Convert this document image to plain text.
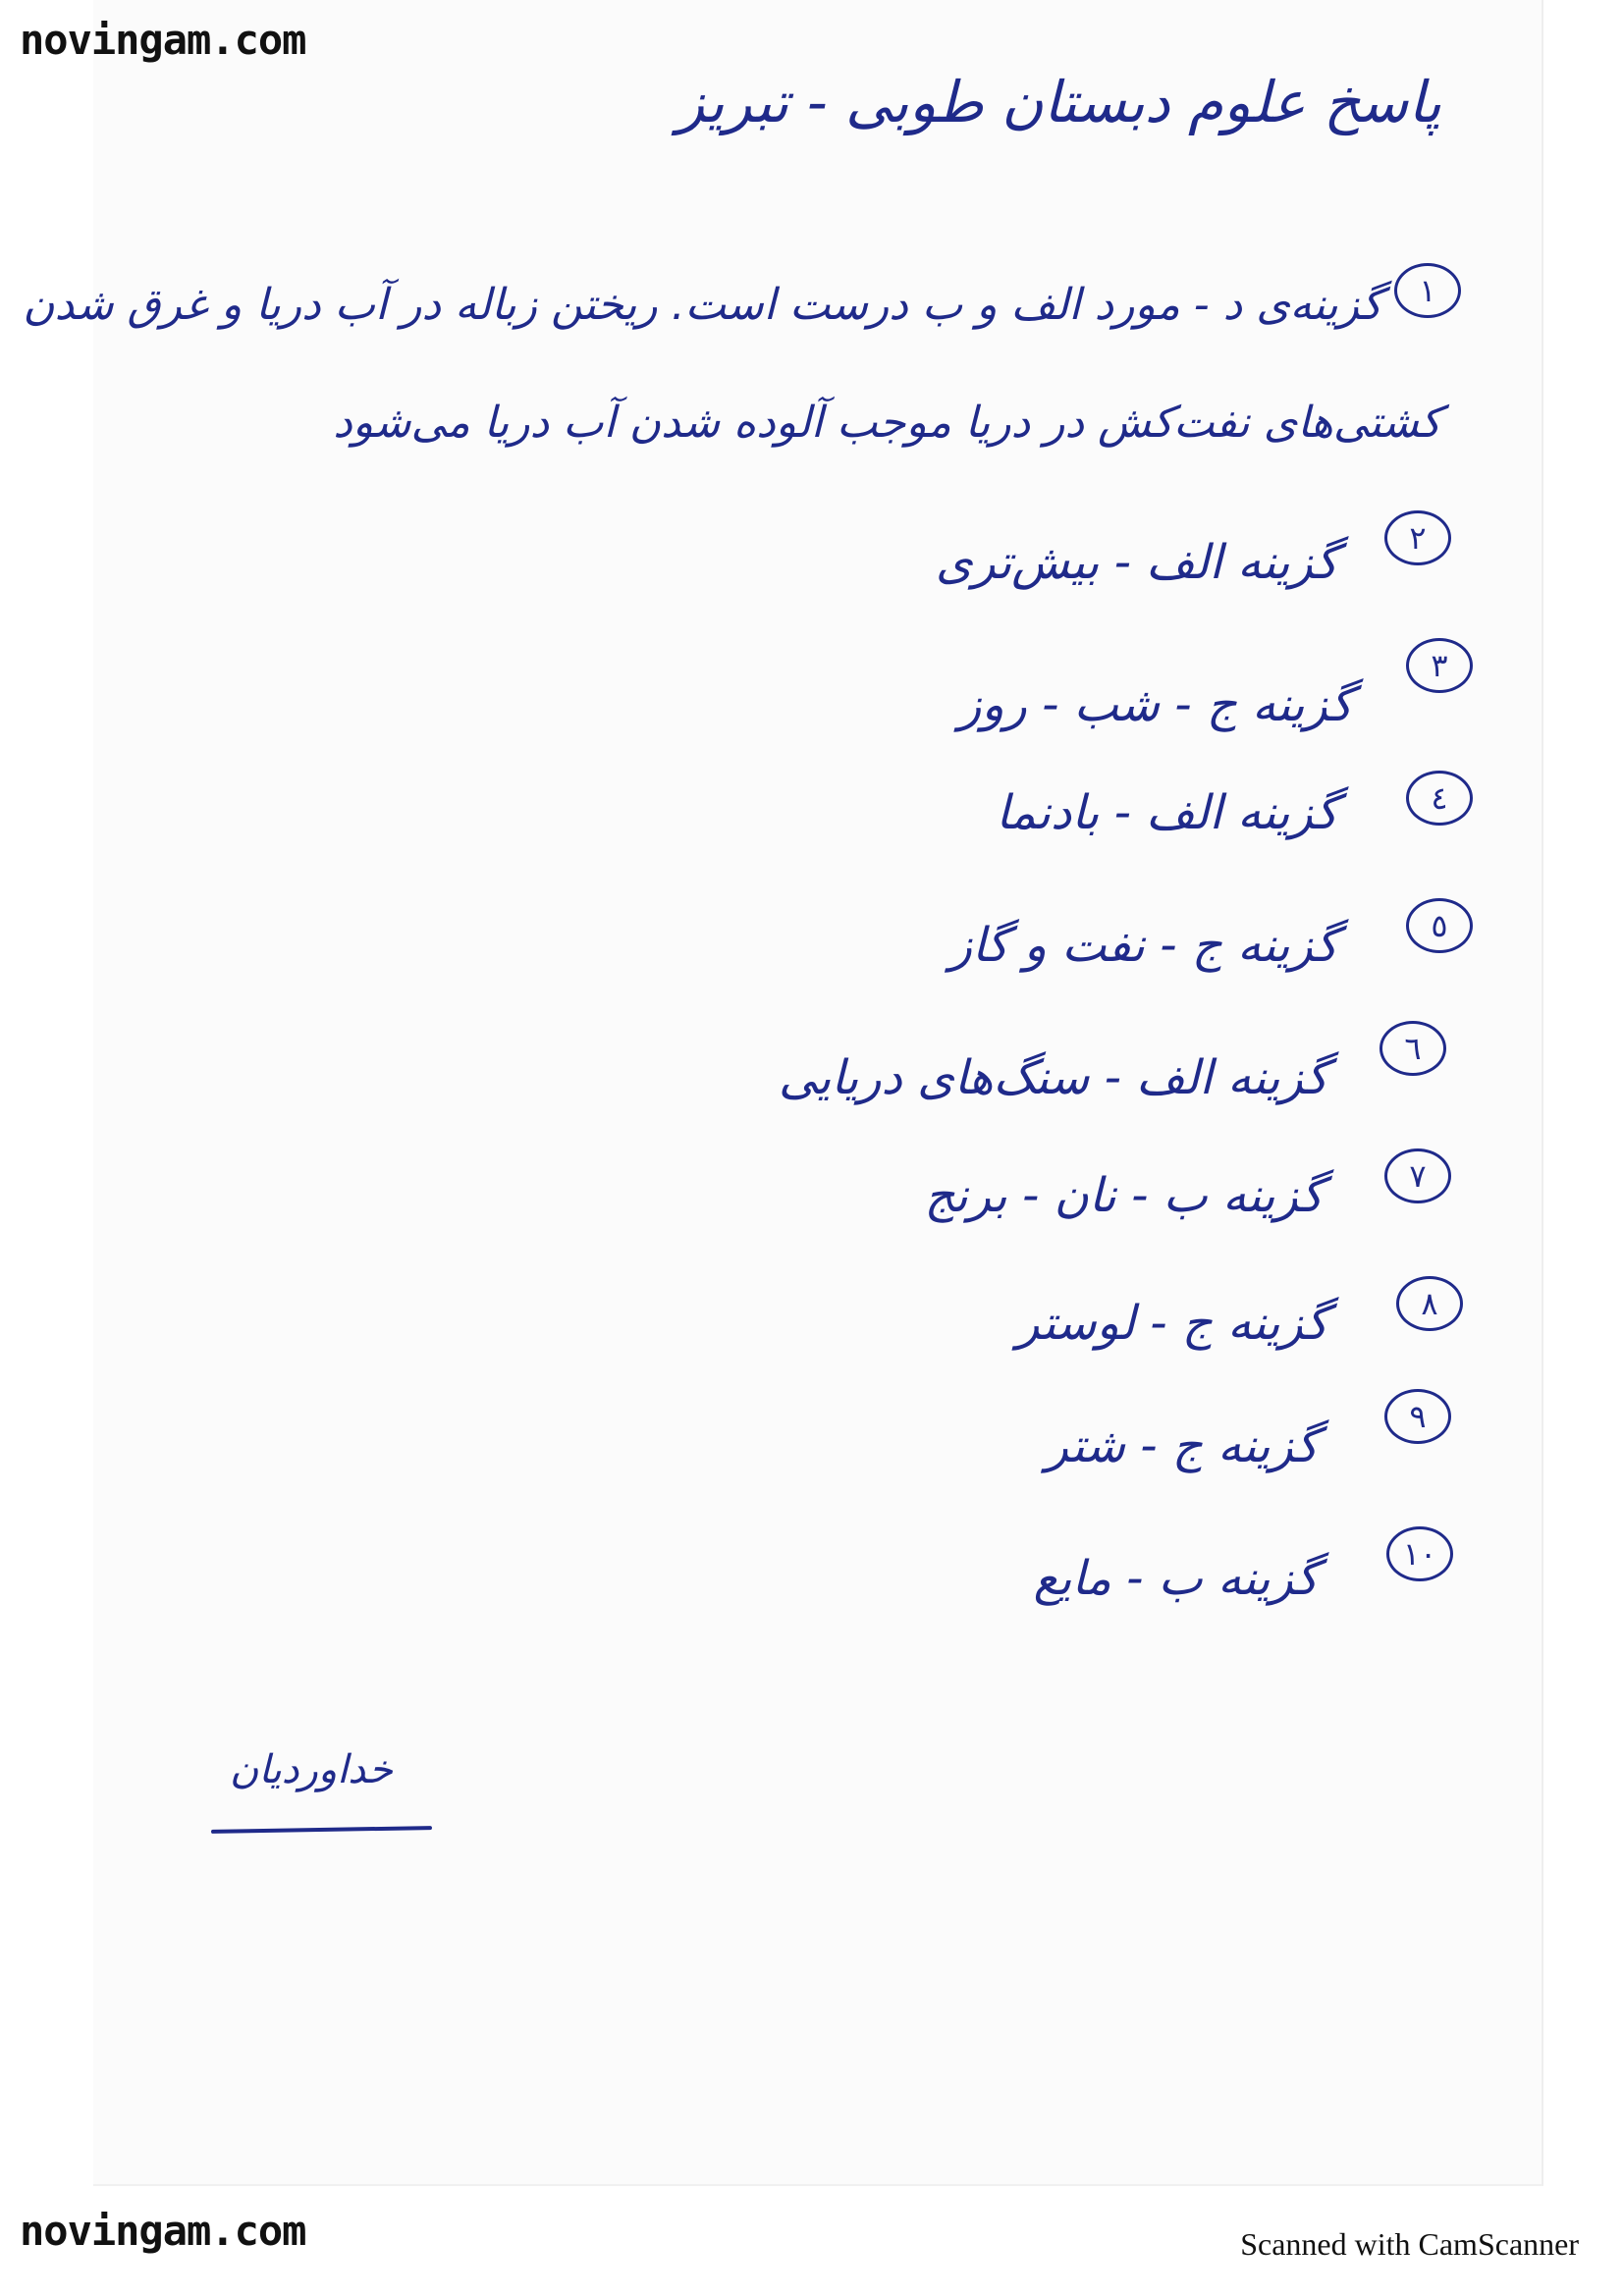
novingam.com
novingam.com	Scanned with CamScanner
پاسخ علوم دبستان طوبی - تبریز
١
گزینه‌ی د - مورد الف و ب درست است. ریختن زباله در آب دریا و غرق شدن
کشتی‌های نفت‌کش در دریا موجب آلوده شدن آب دریا می‌شود
٢
گزینه الف - بیش‌تری
٣
گزینه ج - شب - روز
٤
گزینه الف - بادنما
٥
گزینه ج - نفت و گاز
٦
گزینه الف - سنگ‌های دریایی
٧
گزینه ب - نان - برنج
٨
گزینه ج - لوستر
٩
گزینه ج - شتر
١٠
گزینه ب - مایع
خداوردیان
